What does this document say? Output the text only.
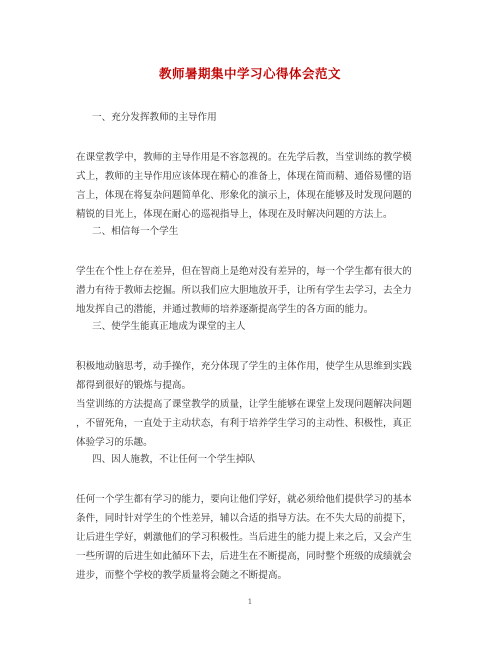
教师暑期集中学习心得体会范文
一、充分发挥教师的主导作用
在课堂教学中，教师的主导作用是不容忽视的。在先学后教，当堂训练的教学模
式上，教师的主导作用应该体现在精心的准备上，体现在简而精、通俗易懂的语
言上，体现在将复杂问题简单化、形象化的演示上，体现在能够及时发现问题的
精锐的目光上，体现在耐心的巡视指导上，体现在及时解决问题的方法上。
二、相信每一个学生
学生在个性上存在差异，但在智商上是绝对没有差异的，每一个学生都有很大的
潜力有待于教师去挖掘。所以我们应大胆地放开手，让所有学生去学习，去全力
地发挥自己的潜能，并通过教师的培养逐渐提高学生的各方面的能力。
三、使学生能真正地成为课堂的主人
积极地动脑思考，动手操作，充分体现了学生的主体作用，使学生从思维到实践
都得到很好的锻炼与提高。
当堂训练的方法提高了课堂教学的质量，让学生能够在课堂上发现问题解决问题
，不留死角，一直处于主动状态，有利于培养学生学习的主动性、积极性，真正
体验学习的乐趣。
四、因人施教，不让任何一个学生掉队
任何一个学生都有学习的能力，要向让他们学好，就必须给他们提供学习的基本
条件，同时针对学生的个性差异，辅以合适的指导方法。在不失大局的前提下，
让后进生学好，刺激他们的学习积极性。当后进生的能力提上来之后，又会产生
一些所谓的后进生如此循环下去，后进生在不断提高，同时整个班级的成绩就会
进步，而整个学校的教学质量将会随之不断提高。
1
